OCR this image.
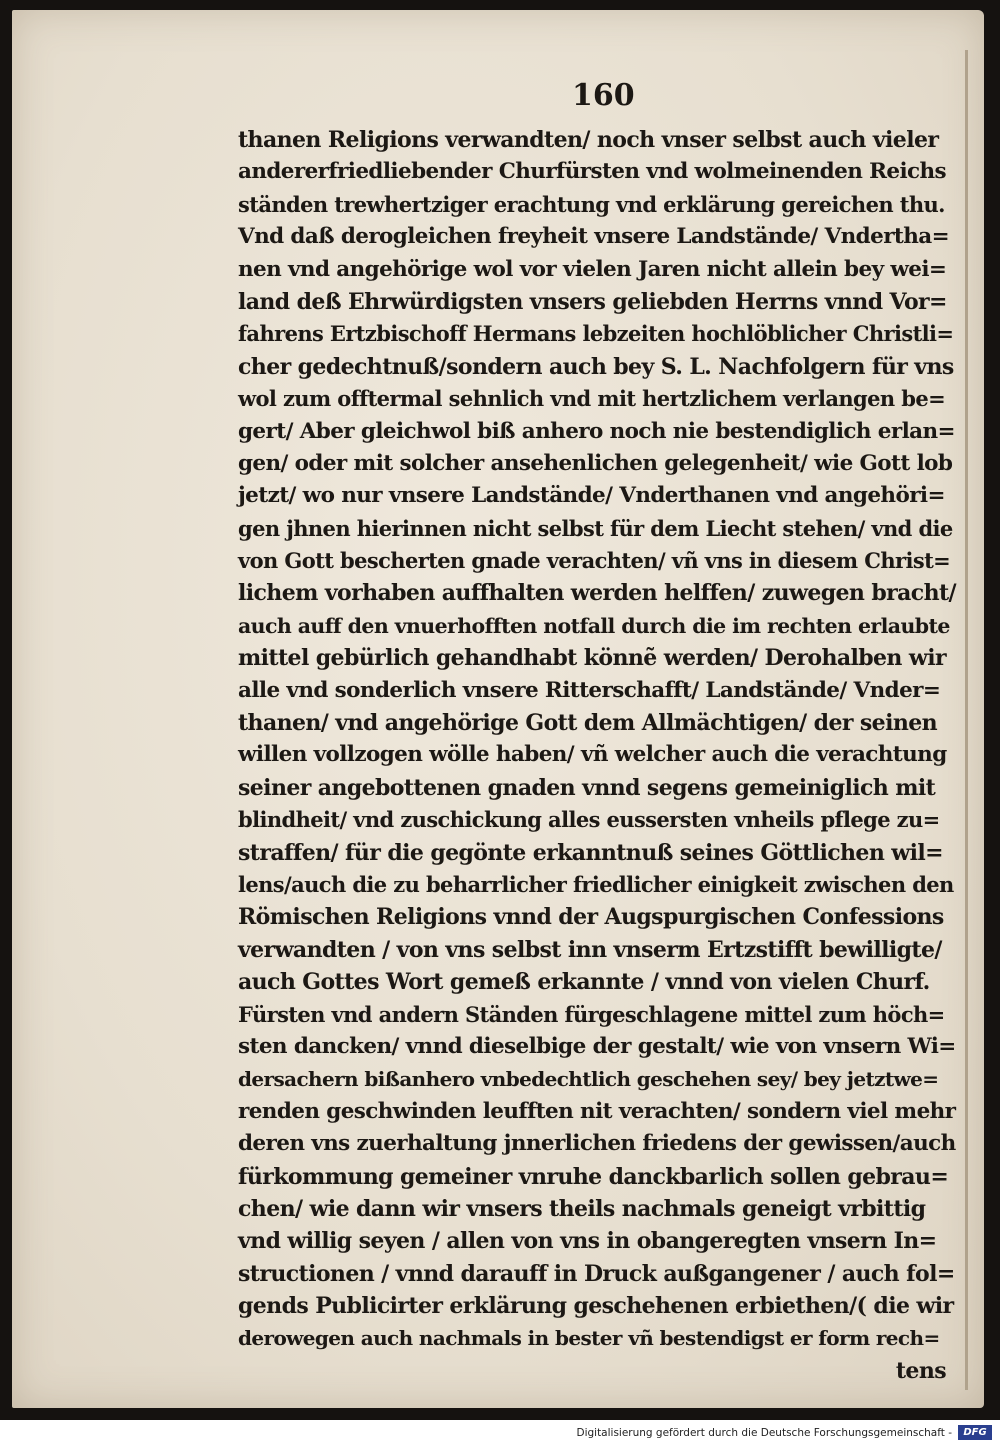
160
thanen Religions verwandten/ noch vnser selbst auch vieler
andererfriedliebender Churfürsten vnd wolmeinenden Reichs
ständen trewhertziger erachtung vnd erklärung gereichen thu.
Vnd daß derogleichen freyheit vnsere Landstände/ Vndertha=
nen vnd angehörige wol vor vielen Jaren nicht allein bey wei=
land deß Ehrwürdigsten vnsers geliebden Herrns vnnd Vor=
fahrens Ertzbischoff Hermans lebzeiten hochlöblicher Christli=
cher gedechtnuß/sondern auch bey S. L. Nachfolgern für vns
wol zum offtermal sehnlich vnd mit hertzlichem verlangen be=
gert/ Aber gleichwol biß anhero noch nie bestendiglich erlan=
gen/ oder mit solcher ansehenlichen gelegenheit/ wie Gott lob
jetzt/ wo nur vnsere Landstände/ Vnderthanen vnd angehöri=
gen jhnen hierinnen nicht selbst für dem Liecht stehen/ vnd die
von Gott bescherten gnade verachten/ vñ vns in diesem Christ=
lichem vorhaben auffhalten werden helffen/ zuwegen bracht/
auch auff den vnuerhofften notfall durch die im rechten erlaubte
mittel gebürlich gehandhabt könnẽ werden/ Derohalben wir
alle vnd sonderlich vnsere Ritterschafft/ Landstände/ Vnder=
thanen/ vnd angehörige Gott dem Allmächtigen/ der seinen
willen vollzogen wölle haben/ vñ welcher auch die verachtung
seiner angebottenen gnaden vnnd segens gemeiniglich mit
blindheit/ vnd zuschickung alles eussersten vnheils pflege zu=
straffen/ für die gegönte erkanntnuß seines Göttlichen wil=
lens/auch die zu beharrlicher friedlicher einigkeit zwischen den
Römischen Religions vnnd der Augspurgischen Confessions
verwandten / von vns selbst inn vnserm Ertzstifft bewilligte/
auch Gottes Wort gemeß erkannte / vnnd von vielen Churf.
Fürsten vnd andern Ständen fürgeschlagene mittel zum höch=
sten dancken/ vnnd dieselbige der gestalt/ wie von vnsern Wi=
dersachern bißanhero vnbedechtlich geschehen sey/ bey jetztwe=
renden geschwinden leufften nit verachten/ sondern viel mehr
deren vns zuerhaltung jnnerlichen friedens der gewissen/auch
fürkommung gemeiner vnruhe danckbarlich sollen gebrau=
chen/ wie dann wir vnsers theils nachmals geneigt vrbittig
vnd willig seyen / allen von vns in obangeregten vnsern In=
structionen / vnnd darauff in Druck außgangener / auch fol=
gends Publicirter erklärung geschehenen erbiethen/( die wir
derowegen auch nachmals in bester vñ bestendigst er form rech=
tens
Digitalisierung gefördert durch die Deutsche Forschungsgemeinschaft -	DFG
